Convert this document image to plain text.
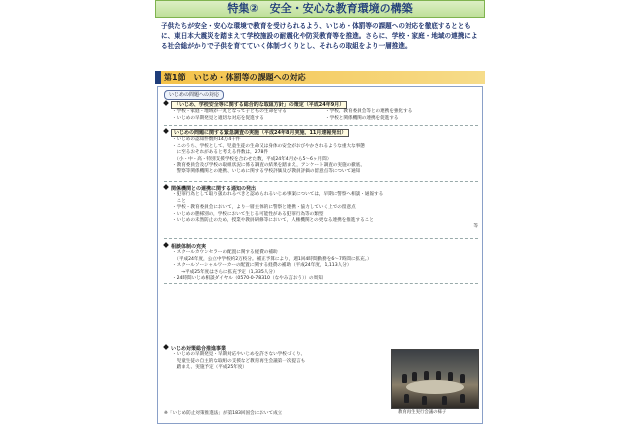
特集②　安全・安心な教育環境の構築

子供たちが安全・安心な環境で教育を受けられるよう、いじめ・体罰等の課題への対応を徹底するとともに、東日本大震災を踏まえて学校施設の耐震化や防災教育等を推進。さらに、学校・家庭・地域の連携による社会総がかりで子供を育てていく体制づくりとし、それらの取組をより一層推進。

第1節　いじめ・体罰等の課題への対応
いじめの問題への対応
「いじめ、学校安全等に関する総合的な取組方針」の策定（平成24年9月）
・学校・家庭・地域が一丸となって子どもの生命を守る	・学校、教育委員会等との連携を強化する
・いじめの早期発見と適切な対応を促進する	・学校と関係機関の連携を促進する
いじめの問題に関する緊急調査の実施（平成24年8月実施、11月速報発出）
・いじめの認知件数約14万4千件
・このうち、学校として、児童生徒の生命又は身体の安全がおびやかされるような重大な事態
　に至るおそれがあると考える件数は，278件
　（小・中・高・特別支援学校を合わせた数，平成24年4月から5～6ヶ月間）
・教育委員会及び学校の取組状況に係る調査の結果を踏まえ，アンケート調査の実施の徹底、
　警察等関係機関との連携、いじめに関する学校評価及び教員評価の留意点等について通知
関係機関との連携に関する通知の発出
・犯罪行為として取り扱われるべきと認められるいじめ事案については，早期に警察へ相談・通報する
　こと
・学校・教育委員会において，より一層主体的に警察と連携・協力していく上での留意点
・いじめの態様別の，学校において生じる可能性がある犯罪行為等の類型
・いじめの未然防止のため，授業や教員研修等において，人権機関との更なる連携を推進すること
等
相談体制の充実
・スクールカウンセラーの配置に関する経費の補助
　（平成24年度，公立中学校約2万校分。補正予算により，週1回4時間勤務を6～7時間に拡充。）
・スクールソーシャルワーカーの配置に関する経費の補助（平成24年度，1,113人分）
　　→平成25年度はさらに拡充予定（1,335人分）
・24時間いじめ相談ダイヤル（0570-0-78310（なやみ言おう））の周知
いじめ対策総合推進事業
・いじめの早期発見・早期対応やいじめを許さない学校づくり、
　児童生徒の自主的な取組の支援など教育再生会議第一次提言も
　踏まえ、実施予定（平成25年度）
教育再生実行会議の様子
※「いじめ防止対策推進法」が第183回国会において成立
